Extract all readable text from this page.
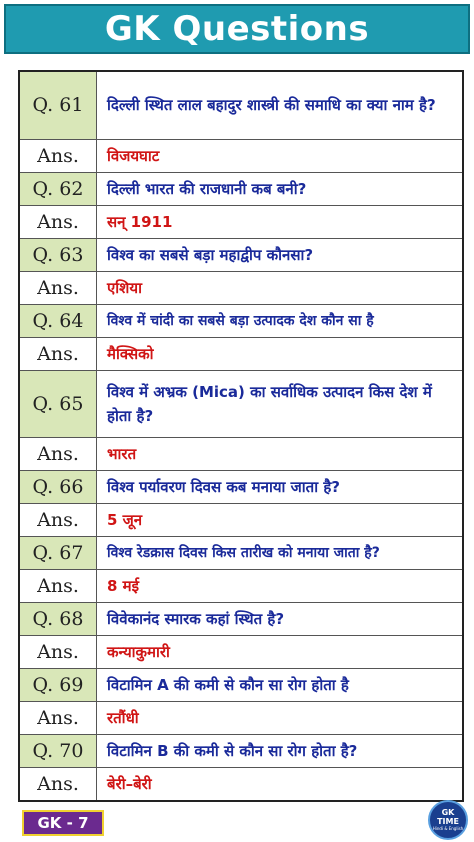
GK Questions
Q. 61	दिल्ली स्थित लाल बहादुर शास्त्री की समाधि का क्या नाम है?
Ans.	विजयघाट
Q. 62	दिल्ली भारत की राजधानी कब बनी?
Ans.	सन् 1911
Q. 63	विश्व का सबसे बड़ा महाद्वीप कौनसा?
Ans.	एशिया
Q. 64	विश्व में चांदी का सबसे बड़ा उत्पादक देश कौन सा है
Ans.	मैक्सिको
Q. 65	विश्व में अभ्रक (Mica) का सर्वाधिक उत्पादन किस देश में होता है?
Ans.	भारत
Q. 66	विश्व पर्यावरण दिवस कब मनाया जाता है?
Ans.	5 जून
Q. 67	विश्व रेडक्रास दिवस किस तारीख को मनाया जाता है?
Ans.	8 मई
Q. 68	विवेकानंद स्मारक कहां स्थित है?
Ans.	कन्याकुमारी
Q. 69	विटामिन A की कमी से कौन सा रोग होता है
Ans.	रतौंधी
Q. 70	विटामिन B की कमी से कौन सा रोग होता है?
Ans.	बेरी–बेरी
GK - 7
GK
TIME
Hindi & English
